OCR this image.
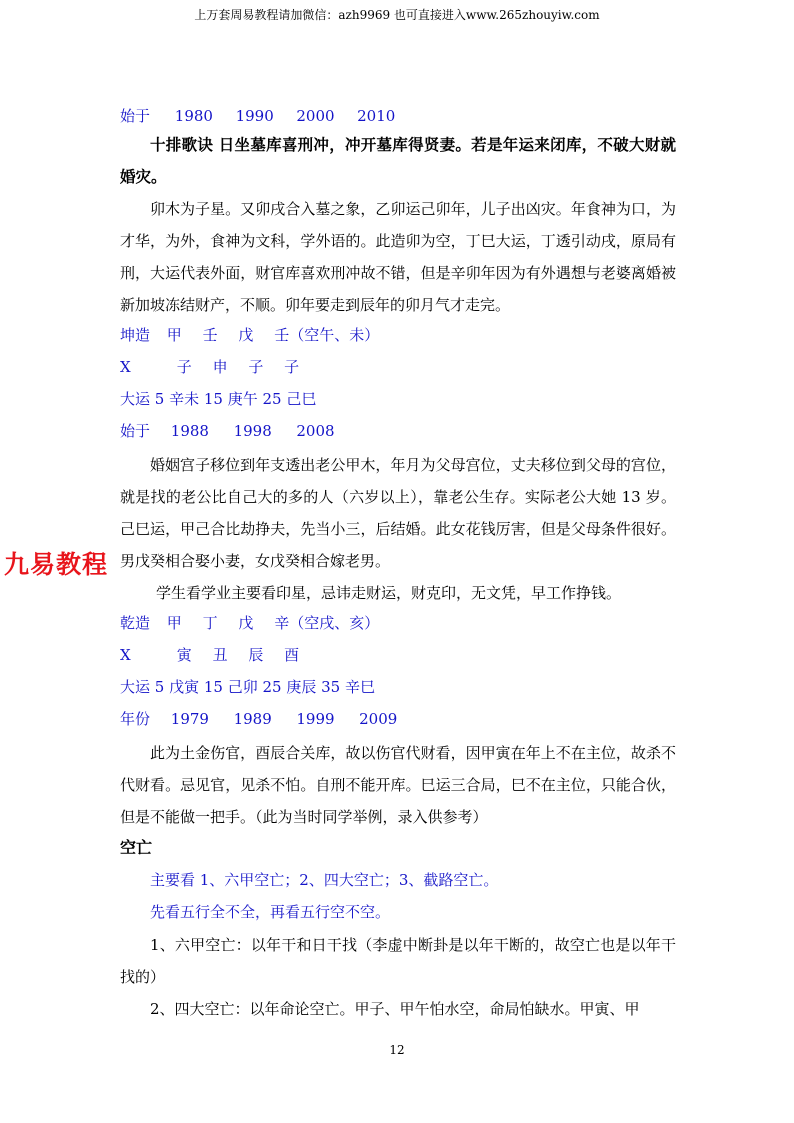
上万套周易教程请加微信：azh9969 也可直接进入www.265zhouyiw.com
九易教程
始于 1980 1990 2000 2010
十排歌诀 日坐墓库喜刑冲，冲开墓库得贤妻。若是年运来闭库，不破大财就婚灾。
卯木为子星。又卯戌合入墓之象，乙卯运己卯年，儿子出凶灾。年食神为口，为才华，为外，食神为文科，学外语的。此造卯为空，丁巳大运，丁透引动戌，原局有刑，大运代表外面，财官库喜欢刑冲故不错，但是辛卯年因为有外遇想与老婆离婚被新加坡冻结财产，不顺。卯年要走到辰年的卯月气才走完。
坤造 甲 壬 戊 壬（空午、未）
X	子 申 子 子
大运 5 辛未 15 庚午 25 己巳
始于 1988 1998 2008
婚姻宫子移位到年支透出老公甲木，年月为父母宫位，丈夫移位到父母的宫位，就是找的老公比自己大的多的人（六岁以上），靠老公生存。实际老公大她 13 岁。己巳运，甲己合比劫挣夫，先当小三，后结婚。此女花钱厉害，但是父母条件很好。男戊癸相合娶小妻，女戊癸相合嫁老男。
学生看学业主要看印星，忌讳走财运，财克印，无文凭，早工作挣钱。
乾造 甲 丁 戊 辛（空戌、亥）
X	寅 丑 辰 酉
大运 5 戊寅 15 己卯 25 庚辰 35 辛巳
年份 1979 1989 1999 2009
此为土金伤官，酉辰合关库，故以伤官代财看，因甲寅在年上不在主位，故杀不代财看。忌见官，见杀不怕。自刑不能开库。巳运三合局，巳不在主位，只能合伙，但是不能做一把手。（此为当时同学举例，录入供参考）
空亡
主要看 1、六甲空亡；2、四大空亡；3、截路空亡。
先看五行全不全，再看五行空不空。
1、六甲空亡：以年干和日干找（李虚中断卦是以年干断的，故空亡也是以年干找的）
2、四大空亡：以年命论空亡。甲子、甲午怕水空，命局怕缺水。甲寅、甲
12
